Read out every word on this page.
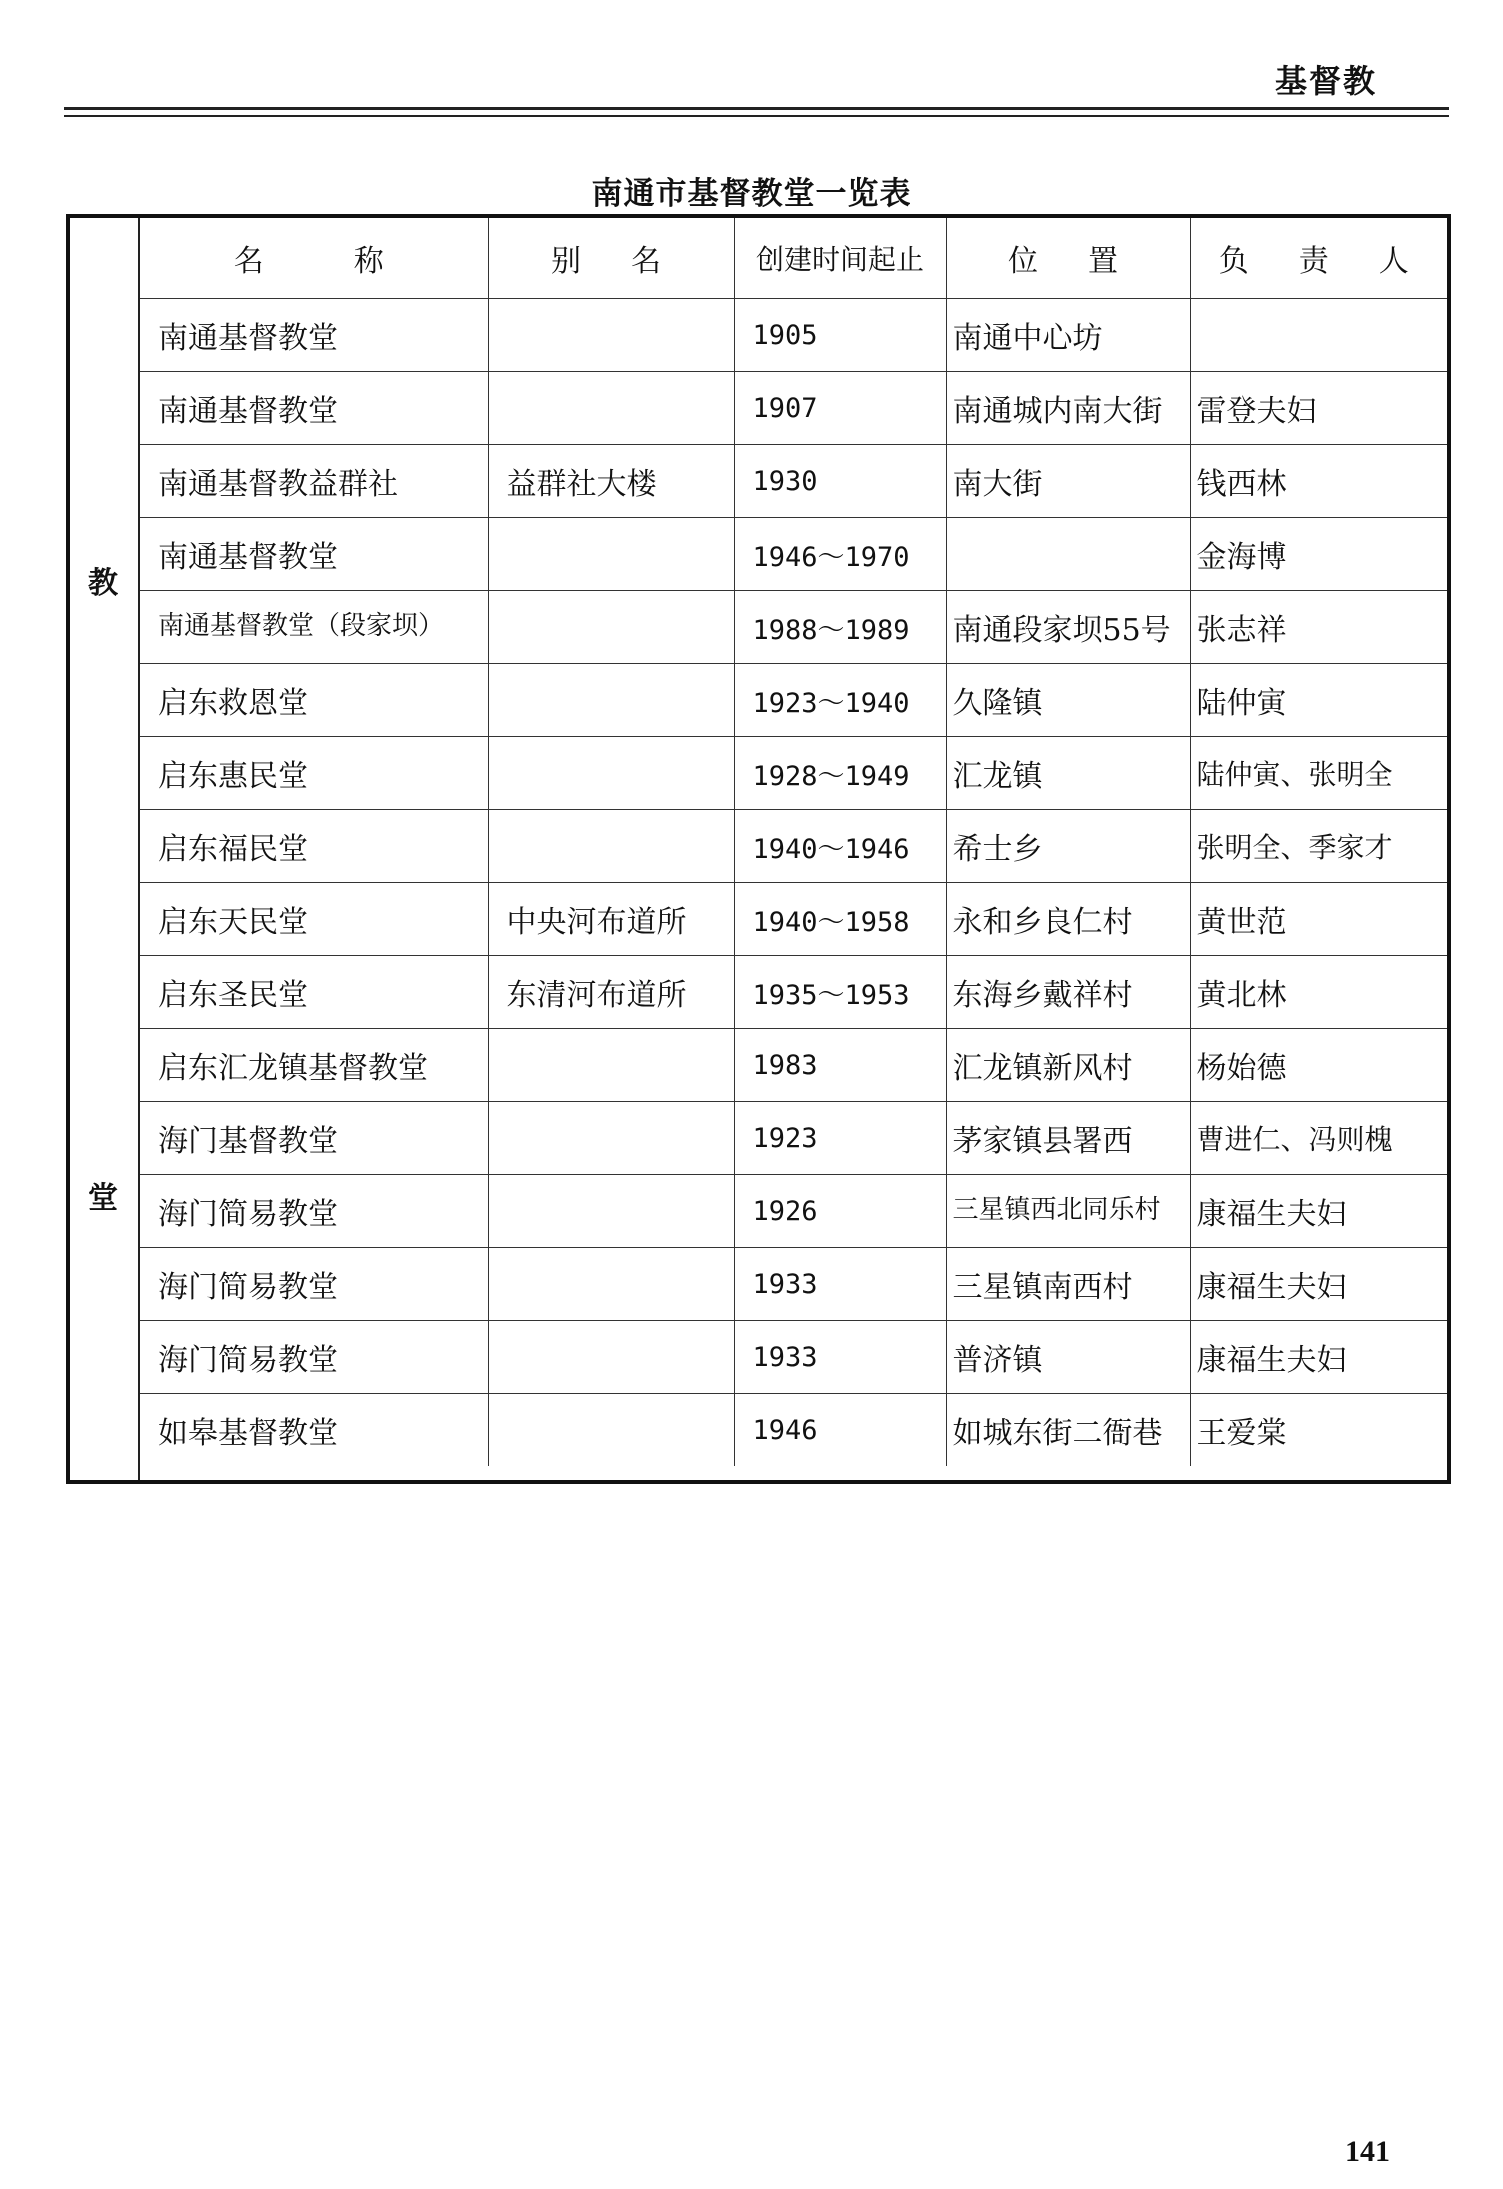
基督教
南通市基督教堂一览表
教
堂
名　　称	别　名	创建时间起止	位　置	负　责　人
南通基督教堂		1905	南通中心坊	
南通基督教堂		1907	南通城内南大街	雷登夫妇
南通基督教益群社	益群社大楼	1930	南大街	钱西林
南通基督教堂		1946～1970		金海博
南通基督教堂（段家坝）		1988～1989	南通段家坝55号	张志祥
启东救恩堂		1923～1940	久隆镇	陆仲寅
启东惠民堂		1928～1949	汇龙镇	陆仲寅、张明全
启东福民堂		1940～1946	希士乡	张明全、季家才
启东天民堂	中央河布道所	1940～1958	永和乡良仁村	黄世范
启东圣民堂	东清河布道所	1935～1953	东海乡戴祥村	黄北林
启东汇龙镇基督教堂		1983	汇龙镇新风村	杨始德
海门基督教堂		1923	茅家镇县署西	曹进仁、冯则槐
海门简易教堂		1926	三星镇西北同乐村	康福生夫妇
海门简易教堂		1933	三星镇南西村	康福生夫妇
海门简易教堂		1933	普济镇	康福生夫妇
如皋基督教堂		1946	如城东街二衙巷	王爱棠
141
